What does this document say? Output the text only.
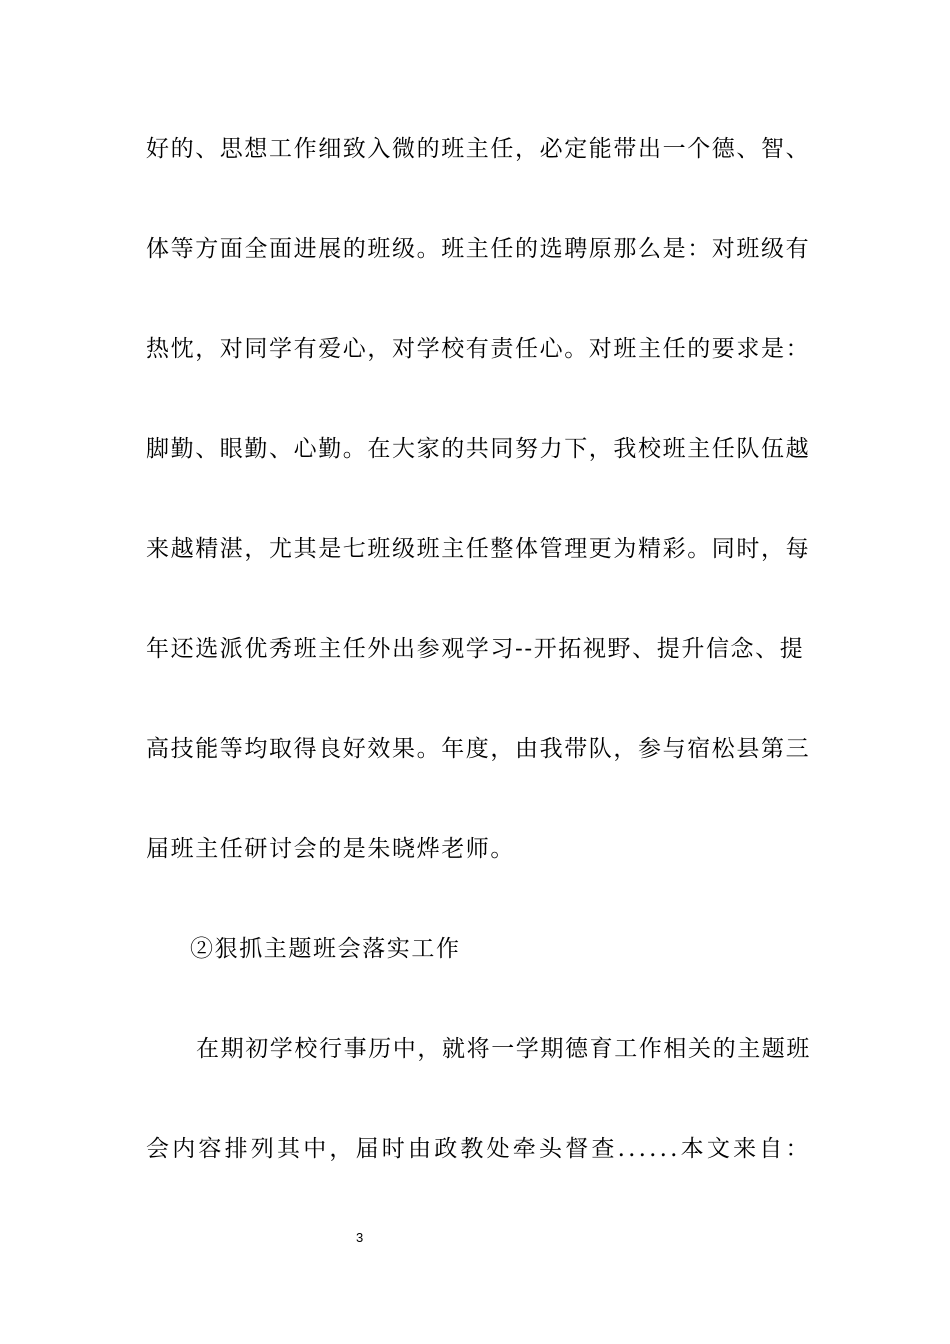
好的、思想工作细致入微的班主任，必定能带出一个德、智、
体等方面全面进展的班级。班主任的选聘原那么是：对班级有
热忱，对同学有爱心，对学校有责任心。对班主任的要求是：
脚勤、眼勤、心勤。在大家的共同努力下，我校班主任队伍越
来越精湛，尤其是七班级班主任整体管理更为精彩。同时，每
年还选派优秀班主任外出参观学习--开拓视野、提升信念、提
高技能等均取得良好效果。年度，由我带队，参与宿松县第三
届班主任研讨会的是朱晓烨老师。
②狠抓主题班会落实工作
在期初学校行事历中，就将一学期德育工作相关的主题班
会内容排列其中，届时由政教处牵头督查......本文来自：
3
